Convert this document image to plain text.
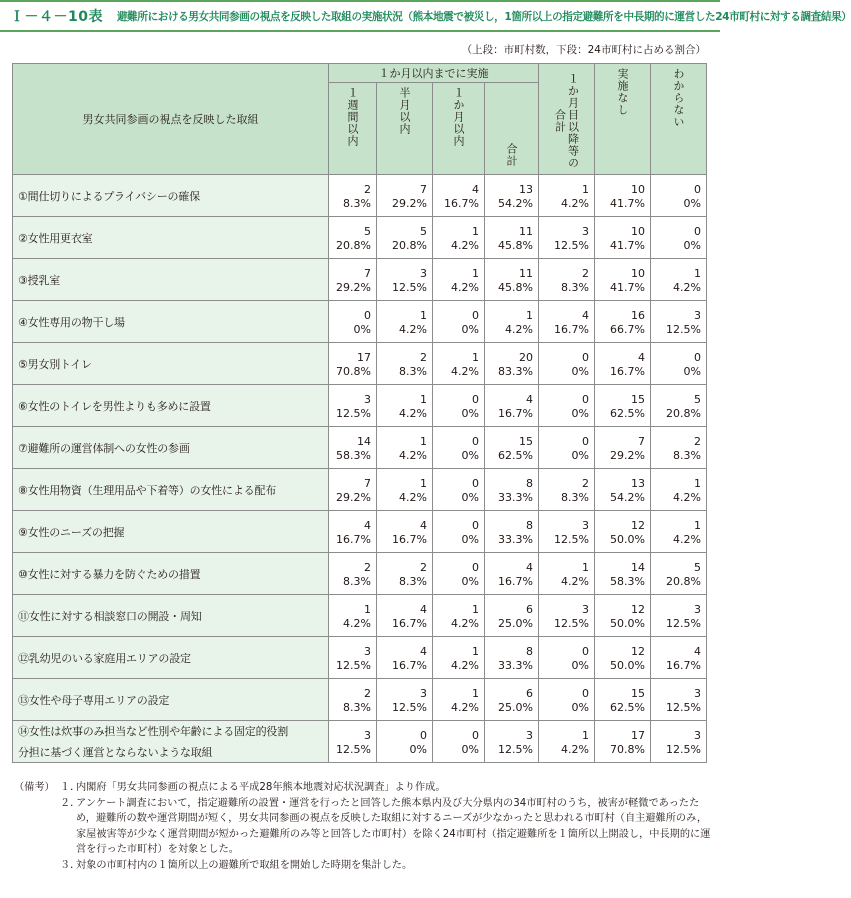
Ｉ－４－10表 避難所における男女共同参画の視点を反映した取組の実施状況（熊本地震で被災し，1箇所以上の指定避難所を中長期的に運営した24市町村に対する調査結果）
（上段：市町村数，下段：24市町村に占める割合）
男女共同参画の視点を反映した取組	１か月以内までに実施				１か月目以降等の合計	実施なし	わからない
	１週間以内	半月以内	１か月以内	合計			
①間仕切りによるプライバシーの確保	2	7	4	13	1	10	0
	8.3%	29.2%	16.7%	54.2%	4.2%	41.7%	0%
②女性用更衣室	5	5	1	11	3	10	0
	20.8%	20.8%	4.2%	45.8%	12.5%	41.7%	0%
③授乳室	7	3	1	11	2	10	1
	29.2%	12.5%	4.2%	45.8%	8.3%	41.7%	4.2%
④女性専用の物干し場	0	1	0	1	4	16	3
	0%	4.2%	0%	4.2%	16.7%	66.7%	12.5%
⑤男女別トイレ	17	2	1	20	0	4	0
	70.8%	8.3%	4.2%	83.3%	0%	16.7%	0%
⑥女性のトイレを男性よりも多めに設置	3	1	0	4	0	15	5
	12.5%	4.2%	0%	16.7%	0%	62.5%	20.8%
⑦避難所の運営体制への女性の参画	14	1	0	15	0	7	2
	58.3%	4.2%	0%	62.5%	0%	29.2%	8.3%
⑧女性用物資（生理用品や下着等）の女性による配布	7	1	0	8	2	13	1
	29.2%	4.2%	0%	33.3%	8.3%	54.2%	4.2%
⑨女性のニーズの把握	4	4	0	8	3	12	1
	16.7%	16.7%	0%	33.3%	12.5%	50.0%	4.2%
⑩女性に対する暴力を防ぐための措置	2	2	0	4	1	14	5
	8.3%	8.3%	0%	16.7%	4.2%	58.3%	20.8%
⑪女性に対する相談窓口の開設・周知	1	4	1	6	3	12	3
	4.2%	16.7%	4.2%	25.0%	12.5%	50.0%	12.5%
⑫乳幼児のいる家庭用エリアの設定	3	4	1	8	0	12	4
	12.5%	16.7%	4.2%	33.3%	0%	50.0%	16.7%
⑬女性や母子専用エリアの設定	2	3	1	6	0	15	3
	8.3%	12.5%	4.2%	25.0%	0%	62.5%	12.5%
⑭女性は炊事のみ担当など性別や年齢による固定的役割	3	0	0	3	1	17	3
分担に基づく運営とならないような取組	12.5%	0%	0%	12.5%	4.2%	70.8%	12.5%
（備考） １．
内閣府「男女共同参画の視点による平成28年熊本地震対応状況調査」より作成。
２．
アンケート調査において，指定避難所の設置・運営を行ったと回答した熊本県内及び大分県内の34市町村のうち，被害が軽微であったため，避難所の数や運営期間が短く，男女共同参画の視点を反映した取組に対するニーズが少なかったと思われる市町村（自主避難所のみ，家屋被害等が少なく運営期間が短かった避難所のみ等と回答した市町村）を除く24市町村（指定避難所を１箇所以上開設し，中長期的に運営を行った市町村）を対象とした。
３．
対象の市町村内の１箇所以上の避難所で取組を開始した時期を集計した。
